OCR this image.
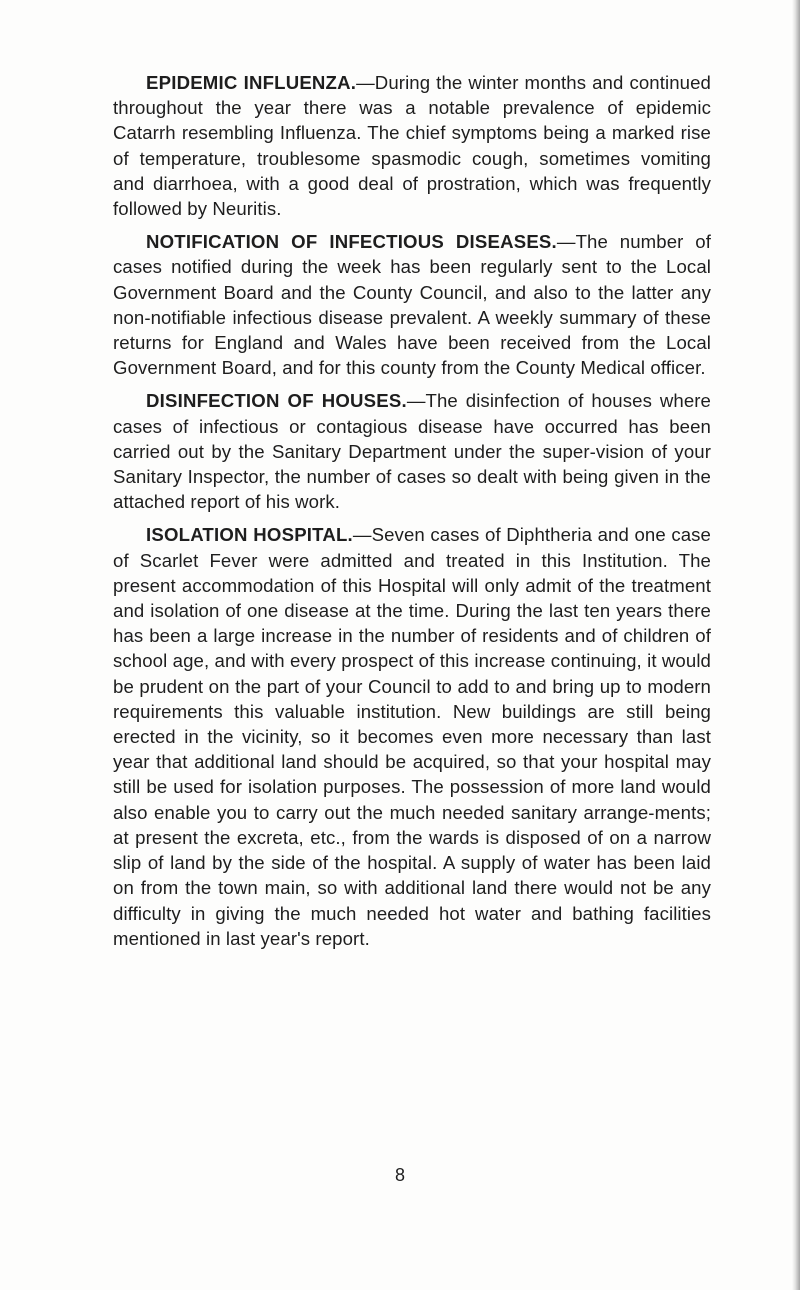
EPIDEMIC INFLUENZA.—During the winter months and continued throughout the year there was a notable prevalence of epidemic Catarrh resembling Influenza. The chief symptoms being a marked rise of temperature, troublesome spasmodic cough, sometimes vomiting and diarrhoea, with a good deal of prostration, which was frequently followed by Neuritis.

NOTIFICATION OF INFECTIOUS DISEASES.—The number of cases notified during the week has been regularly sent to the Local Government Board and the County Council, and also to the latter any non-notifiable infectious disease prevalent. A weekly summary of these returns for England and Wales have been received from the Local Government Board, and for this county from the County Medical officer.

DISINFECTION OF HOUSES.—The disinfection of houses where cases of infectious or contagious disease have occurred has been carried out by the Sanitary Department under the super-vision of your Sanitary Inspector, the number of cases so dealt with being given in the attached report of his work.

ISOLATION HOSPITAL.—Seven cases of Diphtheria and one case of Scarlet Fever were admitted and treated in this Institution. The present accommodation of this Hospital will only admit of the treatment and isolation of one disease at the time. During the last ten years there has been a large increase in the number of residents and of children of school age, and with every prospect of this increase continuing, it would be prudent on the part of your Council to add to and bring up to modern requirements this valuable institution. New buildings are still being erected in the vicinity, so it becomes even more necessary than last year that additional land should be acquired, so that your hospital may still be used for isolation purposes. The possession of more land would also enable you to carry out the much needed sanitary arrange-ments; at present the excreta, etc., from the wards is disposed of on a narrow slip of land by the side of the hospital. A supply of water has been laid on from the town main, so with additional land there would not be any difficulty in giving the much needed hot water and bathing facilities mentioned in last year's report.

8
